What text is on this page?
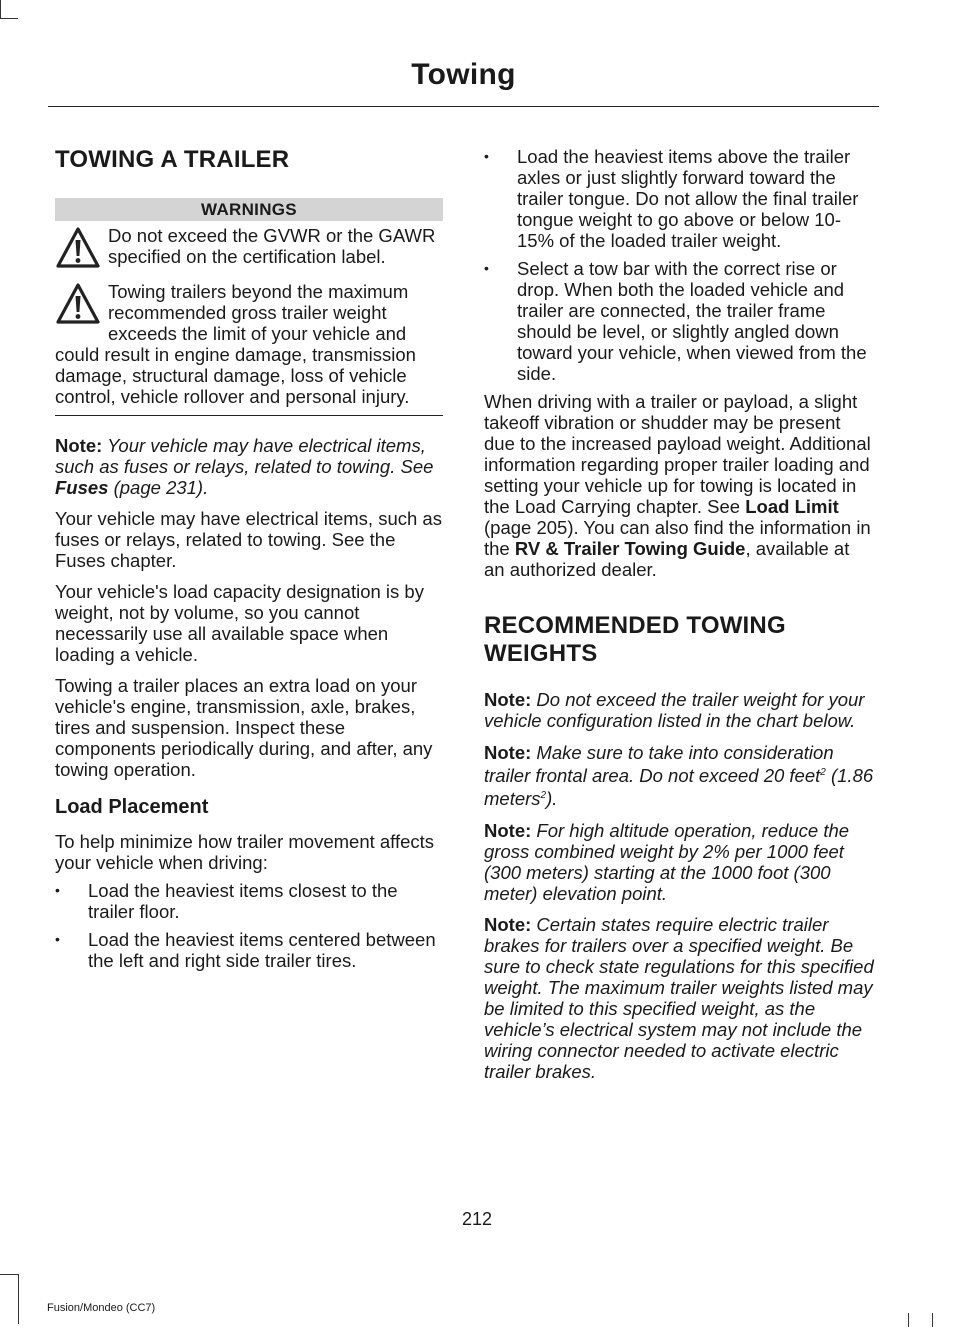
Towing
TOWING A TRAILER
WARNINGS

Do not exceed the GVWR or the GAWR specified on the certification label.

Towing trailers beyond the maximum recommended gross trailer weight exceeds the limit of your vehicle and could result in engine damage, transmission damage, structural damage, loss of vehicle control, vehicle rollover and personal injury.

Note: Your vehicle may have electrical items, such as fuses or relays, related to towing. See Fuses (page 231).

Your vehicle may have electrical items, such as fuses or relays, related to towing. See the Fuses chapter.

Your vehicle's load capacity designation is by weight, not by volume, so you cannot necessarily use all available space when loading a vehicle.

Towing a trailer places an extra load on your vehicle's engine, transmission, axle, brakes, tires and suspension. Inspect these components periodically during, and after, any towing operation.

Load Placement

To help minimize how trailer movement affects your vehicle when driving:

• Load the heaviest items closest to the trailer floor.
• Load the heaviest items centered between the left and right side trailer tires.
• Load the heaviest items above the trailer axles or just slightly forward toward the trailer tongue. Do not allow the final trailer tongue weight to go above or below 10-15% of the loaded trailer weight.
• Select a tow bar with the correct rise or drop. When both the loaded vehicle and trailer are connected, the trailer frame should be level, or slightly angled down toward your vehicle, when viewed from the side.

When driving with a trailer or payload, a slight takeoff vibration or shudder may be present due to the increased payload weight. Additional information regarding proper trailer loading and setting your vehicle up for towing is located in the Load Carrying chapter. See Load Limit (page 205). You can also find the information in the RV & Trailer Towing Guide, available at an authorized dealer.

RECOMMENDED TOWING WEIGHTS

Note: Do not exceed the trailer weight for your vehicle configuration listed in the chart below.

Note: Make sure to take into consideration trailer frontal area. Do not exceed 20 feet$^2$ (1.86 meters$^2$).

Note: For high altitude operation, reduce the gross combined weight by 2% per 1000 feet (300 meters) starting at the 1000 foot (300 meter) elevation point.

Note: Certain states require electric trailer brakes for trailers over a specified weight. Be sure to check state regulations for this specified weight. The maximum trailer weights listed may be limited to this specified weight, as the vehicle’s electrical system may not include the wiring connector needed to activate electric trailer brakes.

212
Fusion/Mondeo (CC7)
